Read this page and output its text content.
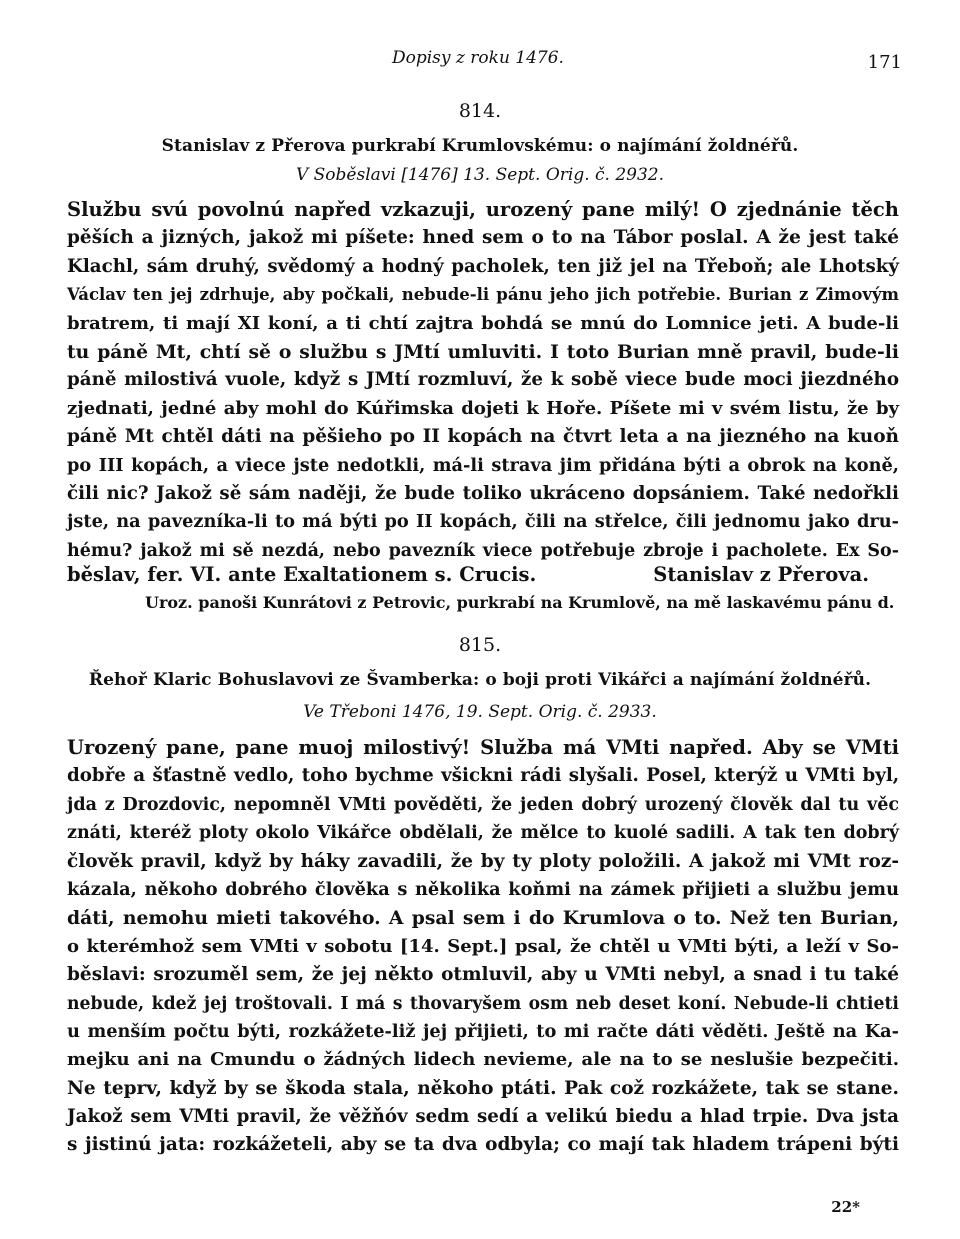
Dopisy z roku 1476.	171
814.
Stanislav z Přerova purkrabí Krumlovskému: o najímání žoldnéřů.
V Soběslavi [1476] 13. Sept. Orig. č. 2932.
Službu svú povolnú napřed vzkazuji, urozený pane milý! O zjednánie těch
pěších a jizných, jakož mi píšete: hned sem o to na Tábor poslal. A že jest také
Klachl, sám druhý, svědomý a hodný pacholek, ten již jel na Třeboň; ale Lhotský
Václav ten jej zdrhuje, aby počkali, nebude-li pánu jeho jich potřebie. Burian z Zimovým
bratrem, ti mají XI koní, a ti chtí zajtra bohdá se mnú do Lomnice jeti. A bude-li
tu páně Mt, chtí sě o službu s JMtí umluviti. I toto Burian mně pravil, bude-li
páně milostivá vuole, když s JMtí rozmluví, že k sobě viece bude moci jiezdného
zjednati, jedné aby mohl do Kúřimska dojeti k Hoře. Píšete mi v svém listu, že by
páně Mt chtěl dáti na pěšieho po II kopách na čtvrt leta a na jiezného na kuoň
po III kopách, a viece jste nedotkli, má-li strava jim přidána býti a obrok na koně,
čili nic? Jakož sě sám naději, že bude toliko ukráceno dopsániem. Také nedořkli
jste, na pavezníka-li to má býti po II kopách, čili na střelce, čili jednomu jako dru-
hému? jakož mi sě nezdá, nebo pavezník viece potřebuje zbroje i pacholete. Ex So-
běslav, fer. VI. ante Exaltationem s. Crucis.	Stanislav z Přerova.
Uroz. panoši Kunrátovi z Petrovic, purkrabí na Krumlově, na mě laskavému pánu d.
815.
Řehoř Klaric Bohuslavovi ze Švamberka: o boji proti Vikářci a najímání žoldnéřů.
Ve Třeboni 1476, 19. Sept. Orig. č. 2933.
Urozený pane, pane muoj milostivý! Služba má VMti napřed. Aby se VMti
dobře a šťastně vedlo, toho bychme všickni rádi slyšali. Posel, kterýž u VMti byl,
jda z Drozdovic, nepomněl VMti pověděti, že jeden dobrý urozený člověk dal tu věc
znáti, kteréž ploty okolo Vikářce obdělali, že mělce to kuolé sadili. A tak ten dobrý
člověk pravil, když by háky zavadili, že by ty ploty položili. A jakož mi VMt roz-
kázala, někoho dobrého člověka s několika koňmi na zámek přijieti a službu jemu
dáti, nemohu mieti takového. A psal sem i do Krumlova o to. Než ten Burian,
o kterémhož sem VMti v sobotu [14. Sept.] psal, že chtěl u VMti býti, a leží v So-
běslavi: srozuměl sem, že jej někto otmluvil, aby u VMti nebyl, a snad i tu také
nebude, kdež jej troštovali. I má s thovaryšem osm neb deset koní. Nebude-li chtieti
u menším počtu býti, rozkážete-liž jej přijieti, to mi račte dáti věděti. Ještě na Ka-
mejku ani na Cmundu o žádných lidech nevieme, ale na to se neslušie bezpečiti.
Ne teprv, když by se škoda stala, někoho ptáti. Pak což rozkážete, tak se stane.
Jakož sem VMti pravil, že věžňóv sedm sedí a velikú biedu a hlad trpie. Dva jsta
s jistinú jata: rozkážeteli, aby se ta dva odbyla; co mají tak hladem trápeni býti
22*
